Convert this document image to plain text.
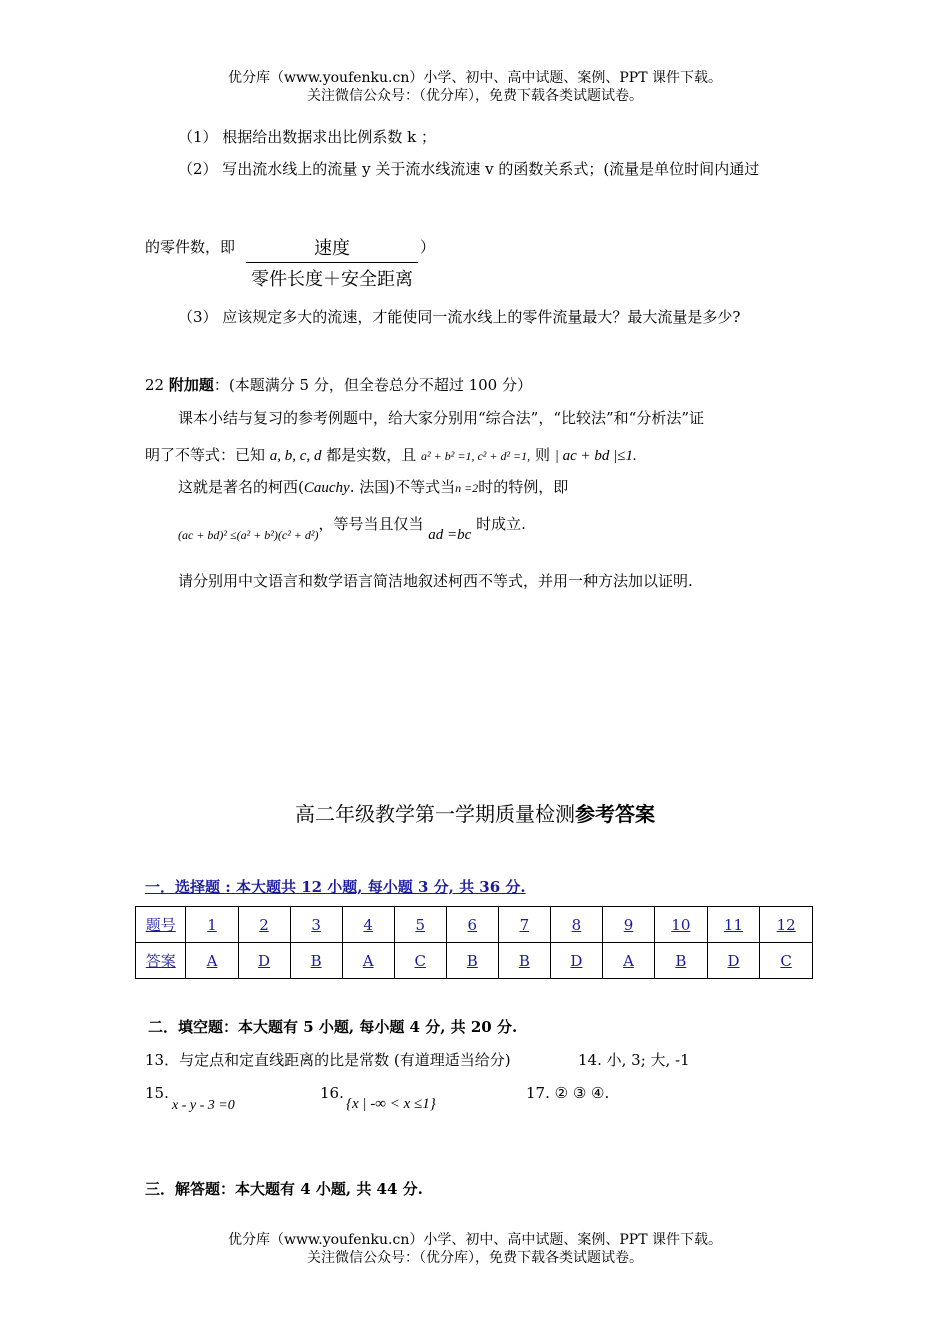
优分库（www.youfenku.cn）小学、初中、高中试题、案例、PPT 课件下载。
关注微信公众号：（优分库），免费下载各类试题试卷。
（1） 根据给出数据求出比例系数 k ；
（2） 写出流水线上的流量 y 关于流水线流速 v 的函数关系式；(流量是单位时间内通过
的零件数，即	速度
零件长度＋安全距离
）
（3） 应该规定多大的流速，才能使同一流水线上的零件流量最大？最大流量是多少?
22 附加题：(本题满分 5 分，但全卷总分不超过 100 分）
课本小结与复习的参考例题中，给大家分别用“综合法”，“比较法”和“分析法”证
明了不等式：已知 a, b, c, d 都是实数，且 a² + b² =1, c² + d² =1, 则 | ac + bd |≤1.
这就是著名的柯西(Cauchy. 法国)不等式当n =2时的特例，即
$_{(ac + bd)^2 \le(a^2 + b^2)(c^2 + d^2)}$，等号当且仅当 ad =bc 时成立.
请分别用中文语言和数学语言简洁地叙述柯西不等式，并用一种方法加以证明.
高二年级教学第一学期质量检测参考答案
一．选择题 : 本大题共 12 小题, 每小题 3 分, 共 36 分.
题号	1	2	3	4	5	6	7	8	9	10	11	12
答案	A	D	B	A	C	B	B	D	A	B	D	C
二．填空题：本大题有 5 小题, 每小题 4 分, 共 20 分.
13．与定点和定直线距离的比是常数 (有道理适当给分)	14. 小, 3; 大, -1
15.
x - y - 3 =0
16.
{x | -∞ < x ≤1}
17. ② ③ ④.
三．解答题：本大题有 4 小题, 共 44 分.
优分库（www.youfenku.cn）小学、初中、高中试题、案例、PPT 课件下载。
关注微信公众号：（优分库），免费下载各类试题试卷。
